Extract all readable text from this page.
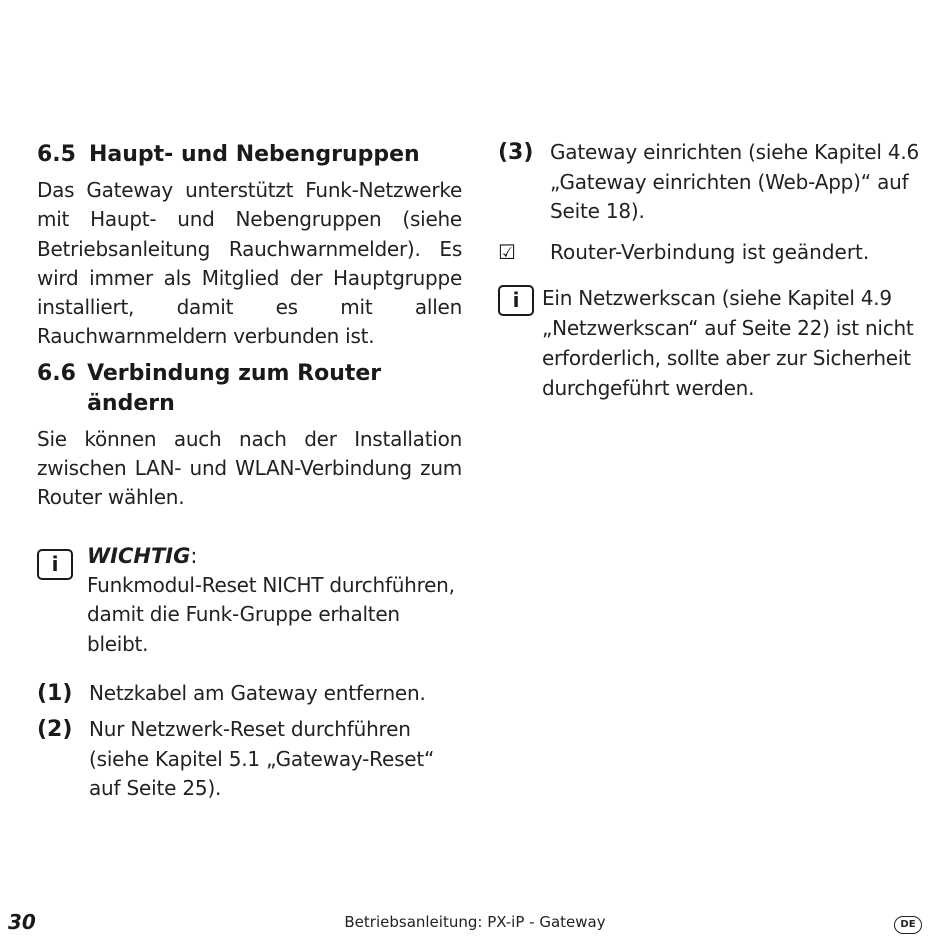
6.5 Haupt- und Nebengruppen

Das Gateway unterstützt Funk-Netzwerke mit Haupt- und Nebengruppen (siehe Betriebsanleitung Rauchwarnmelder). Es wird immer als Mitglied der Hauptgruppe installiert, damit es mit allen Rauchwarnmeldern verbunden ist.

6.6 Verbindung zum Router ändern

Sie können auch nach der Installation zwischen LAN- und WLAN-Verbindung zum Router wählen.

i	WICHTIG:
Funkmodul-Reset NICHT durchführen, damit die Funk-Gruppe erhalten bleibt.
(1) Netzkabel am Gateway entfernen.
(2) Nur Netzwerk-Reset durchführen (siehe Kapitel 5.1 „Gateway-Reset“ auf Seite 25).
(3) Gateway einrichten (siehe Kapitel 4.6 „Gateway einrichten (Web-App)“ auf Seite 18).
☑	Router-Verbindung ist geändert.
i	Ein Netzwerkscan (siehe Kapitel 4.9 „Netzwerkscan“ auf Seite 22) ist nicht erforderlich, sollte aber zur Sicherheit durchgeführt werden.
30	Betriebsanleitung: PX-iP - Gateway	DE
